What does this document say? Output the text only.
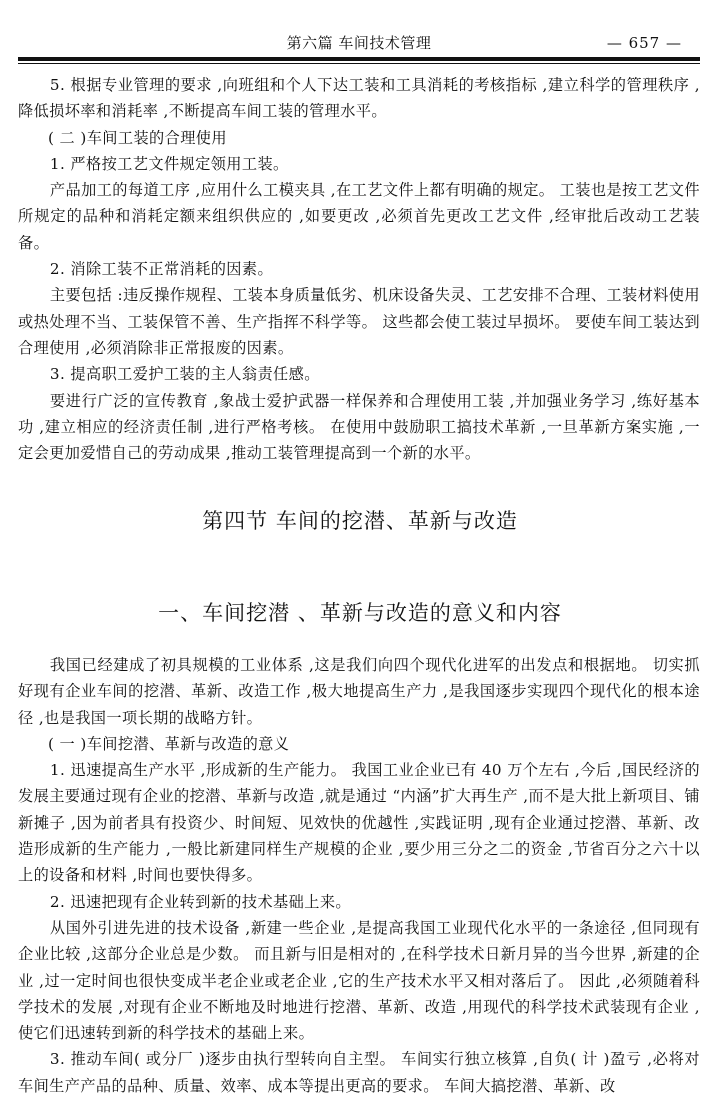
第六篇 车间技术管理	— 657 —

5. 根据专业管理的要求 ,向班组和个人下达工装和工具消耗的考核指标 ,建立科学的管理秩序 ,降低损坏率和消耗率 ,不断提高车间工装的管理水平。

( 二 )车间工装的合理使用

1. 严格按工艺文件规定领用工装。

产品加工的每道工序 ,应用什么工模夹具 ,在工艺文件上都有明确的规定。 工装也是按工艺文件所规定的品种和消耗定额来组织供应的 ,如要更改 ,必须首先更改工艺文件 ,经审批后改动工艺装备。

2. 消除工装不正常消耗的因素。

主要包括 :违反操作规程、工装本身质量低劣、机床设备失灵、工艺安排不合理、工装材料使用或热处理不当、工装保管不善、生产指挥不科学等。 这些都会使工装过早损坏。 要使车间工装达到合理使用 ,必须消除非正常报废的因素。

3. 提高职工爱护工装的主人翁责任感。

要进行广泛的宣传教育 ,象战士爱护武器一样保养和合理使用工装 ,并加强业务学习 ,练好基本功 ,建立相应的经济责任制 ,进行严格考核。 在使用中鼓励职工搞技术革新 ,一旦革新方案实施 ,一定会更加爱惜自己的劳动成果 ,推动工装管理提高到一个新的水平。

第四节 车间的挖潜、革新与改造
一、车间挖潜 、革新与改造的意义和内容

我国已经建成了初具规模的工业体系 ,这是我们向四个现代化进军的出发点和根据地。 切实抓好现有企业车间的挖潜、革新、改造工作 ,极大地提高生产力 ,是我国逐步实现四个现代化的根本途径 ,也是我国一项长期的战略方针。

( 一 )车间挖潜、革新与改造的意义

1. 迅速提高生产水平 ,形成新的生产能力。 我国工业企业已有 40 万个左右 ,今后 ,国民经济的发展主要通过现有企业的挖潜、革新与改造 ,就是通过 “内涵”扩大再生产 ,而不是大批上新项目、铺新摊子 ,因为前者具有投资少、时间短、见效快的优越性 ,实践证明 ,现有企业通过挖潜、革新、改造形成新的生产能力 ,一般比新建同样生产规模的企业 ,要少用三分之二的资金 ,节省百分之六十以上的设备和材料 ,时间也要快得多。

2. 迅速把现有企业转到新的技术基础上来。

从国外引进先进的技术设备 ,新建一些企业 ,是提高我国工业现代化水平的一条途径 ,但同现有企业比较 ,这部分企业总是少数。 而且新与旧是相对的 ,在科学技术日新月异的当今世界 ,新建的企业 ,过一定时间也很快变成半老企业或老企业 ,它的生产技术水平又相对落后了。 因此 ,必须随着科学技术的发展 ,对现有企业不断地及时地进行挖潜、革新、改造 ,用现代的科学技术武装现有企业 ,使它们迅速转到新的科学技术的基础上来。

3. 推动车间( 或分厂 )逐步由执行型转向自主型。 车间实行独立核算 ,自负( 计 )盈亏 ,必将对车间生产产品的品种、质量、效率、成本等提出更高的要求。 车间大搞挖潜、革新、改
